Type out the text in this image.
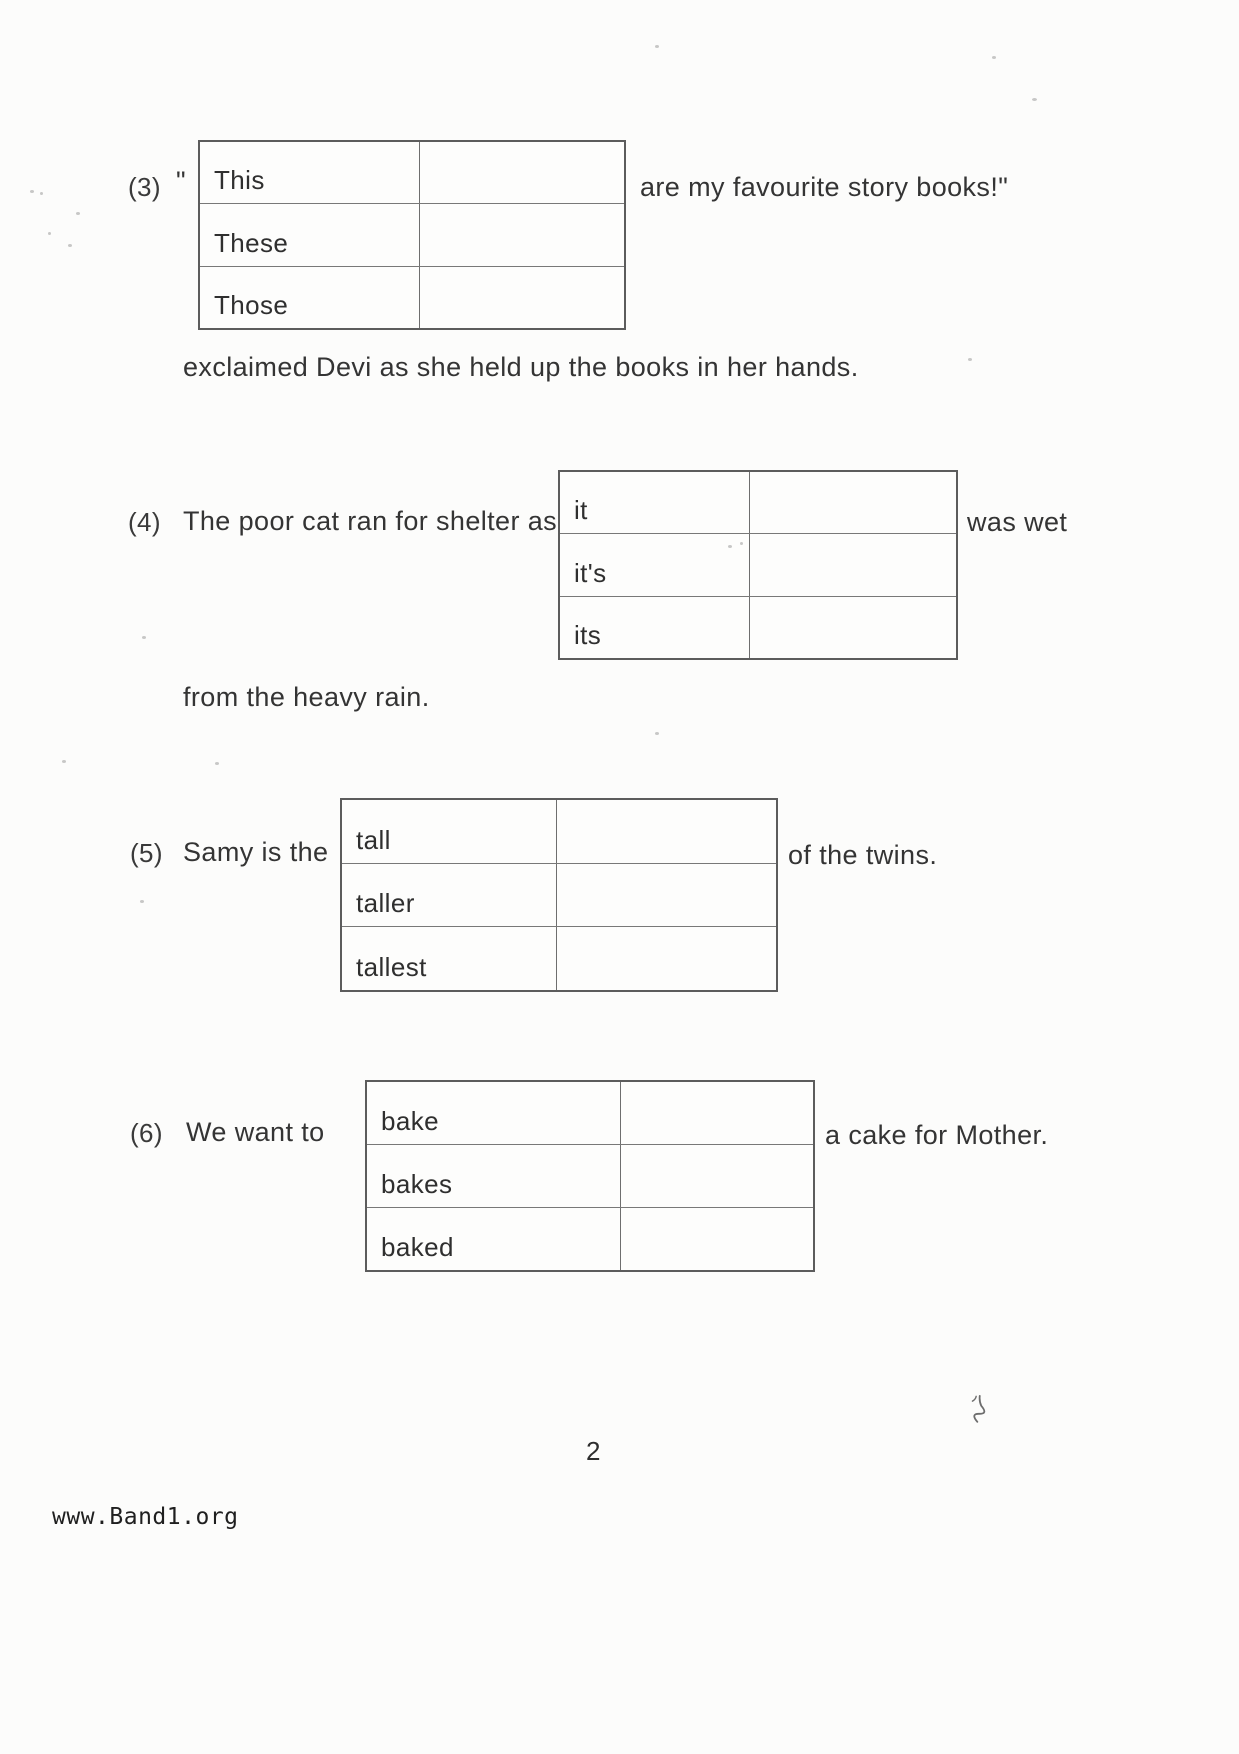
(3) " This
These
Those
are my favourite story books!"
exclaimed Devi as she held up the books in her hands.
(4) The poor cat ran for shelter as it
it's
its
was wet
from the heavy rain.
(5) Samy is the tall
taller
tallest
of the twins.
(6) We want to bake
bakes
baked
a cake for Mother.
2
www.Band1.org
